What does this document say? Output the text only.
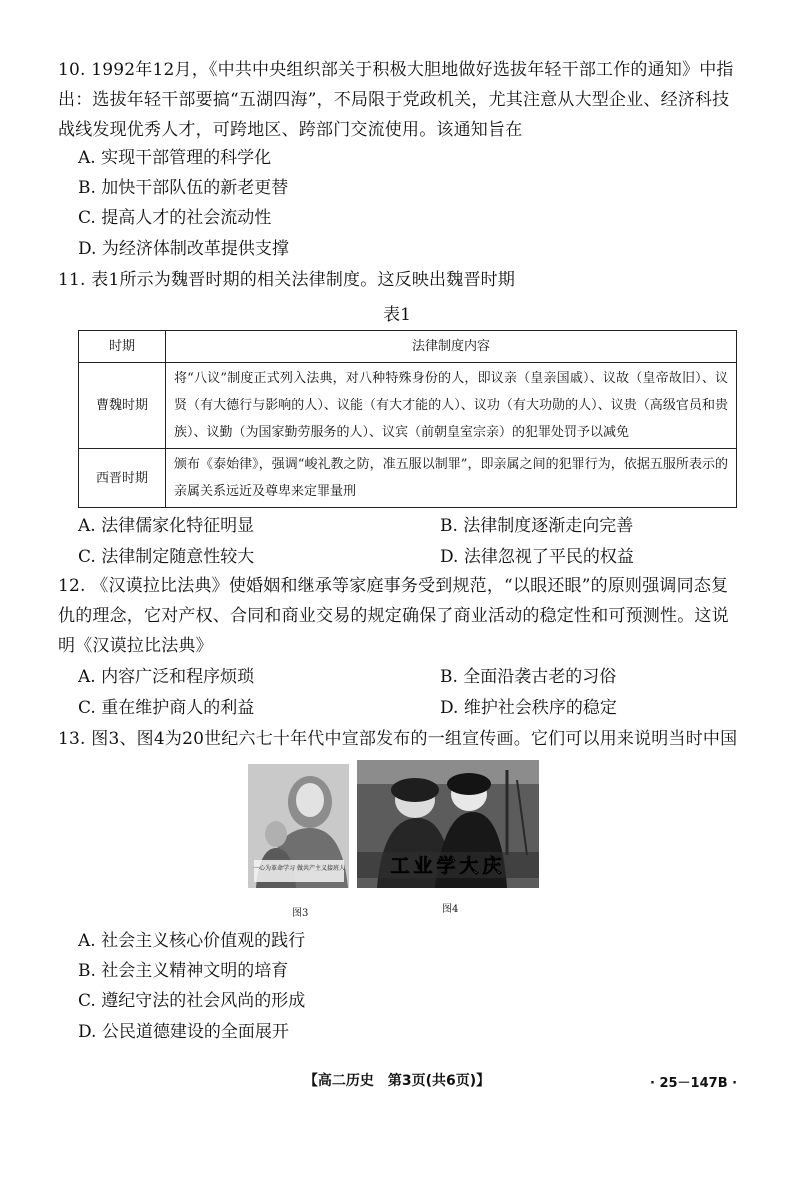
10. 1992年12月，《中共中央组织部关于积极大胆地做好选拔年轻干部工作的通知》中指出：选拔年轻干部要搞“五湖四海”，不局限于党政机关，尤其注意从大型企业、经济科技战线发现优秀人才，可跨地区、跨部门交流使用。该通知旨在
A. 实现干部管理的科学化
B. 加快干部队伍的新老更替
C. 提高人才的社会流动性
D. 为经济体制改革提供支撑
11. 表1所示为魏晋时期的相关法律制度。这反映出魏晋时期
表1
时期	法律制度内容
曹魏时期	将“八议”制度正式列入法典，对八种特殊身份的人，即议亲（皇亲国戚）、议故（皇帝故旧）、议贤（有大德行与影响的人）、议能（有大才能的人）、议功（有大功勋的人）、议贵（高级官员和贵族）、议勤（为国家勤劳服务的人）、议宾（前朝皇室宗亲）的犯罪处罚予以减免
西晋时期	颁布《泰始律》，强调“峻礼教之防，准五服以制罪”，即亲属之间的犯罪行为，依据五服所表示的亲属关系远近及尊卑来定罪量刑
A. 法律儒家化特征明显	B. 法律制度逐渐走向完善
C. 法律制定随意性较大	D. 法律忽视了平民的权益
12. 《汉谟拉比法典》使婚姻和继承等家庭事务受到规范，“以眼还眼”的原则强调同态复仇的理念，它对产权、合同和商业交易的规定确保了商业活动的稳定性和可预测性。这说明《汉谟拉比法典》
A. 内容广泛和程序烦琐	B. 全面沿袭古老的习俗
C. 重在维护商人的利益	D. 维护社会秩序的稳定
13. 图3、图4为20世纪六七十年代中宣部发布的一组宣传画。它们可以用来说明当时中国
一心为革命学习 做共产主义接班人 工业学大庆
图3	图4
A. 社会主义核心价值观的践行
B. 社会主义精神文明的培育
C. 遵纪守法的社会风尚的形成
D. 公民道德建设的全面展开
【高二历史　第3页(共6页)】	· 25－147B ·
